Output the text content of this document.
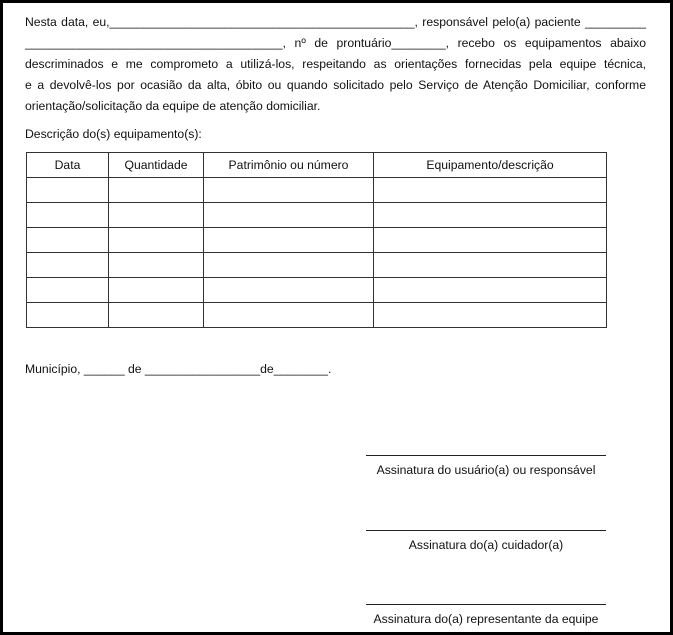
Nesta data, eu,_____________________________________________, responsável pelo(a) paciente _________
______________________________________, nº de prontuário________, recebo os equipamentos abaixo
descriminados e me comprometo a utilizá-los, respeitando as orientações fornecidas pela equipe técnica,
e a devolvê-los por ocasião da alta, óbito ou quando solicitado pelo Serviço de Atenção Domiciliar, conforme
orientação/solicitação da equipe de atenção domiciliar.
Descrição do(s) equipamento(s):
Data	Quantidade	Patrimônio ou número	Equipamento/descrição

Município, ______ de _________________de________.
Assinatura do usuário(a) ou responsável
Assinatura do(a) cuidador(a)
Assinatura do(a) representante da equipe
